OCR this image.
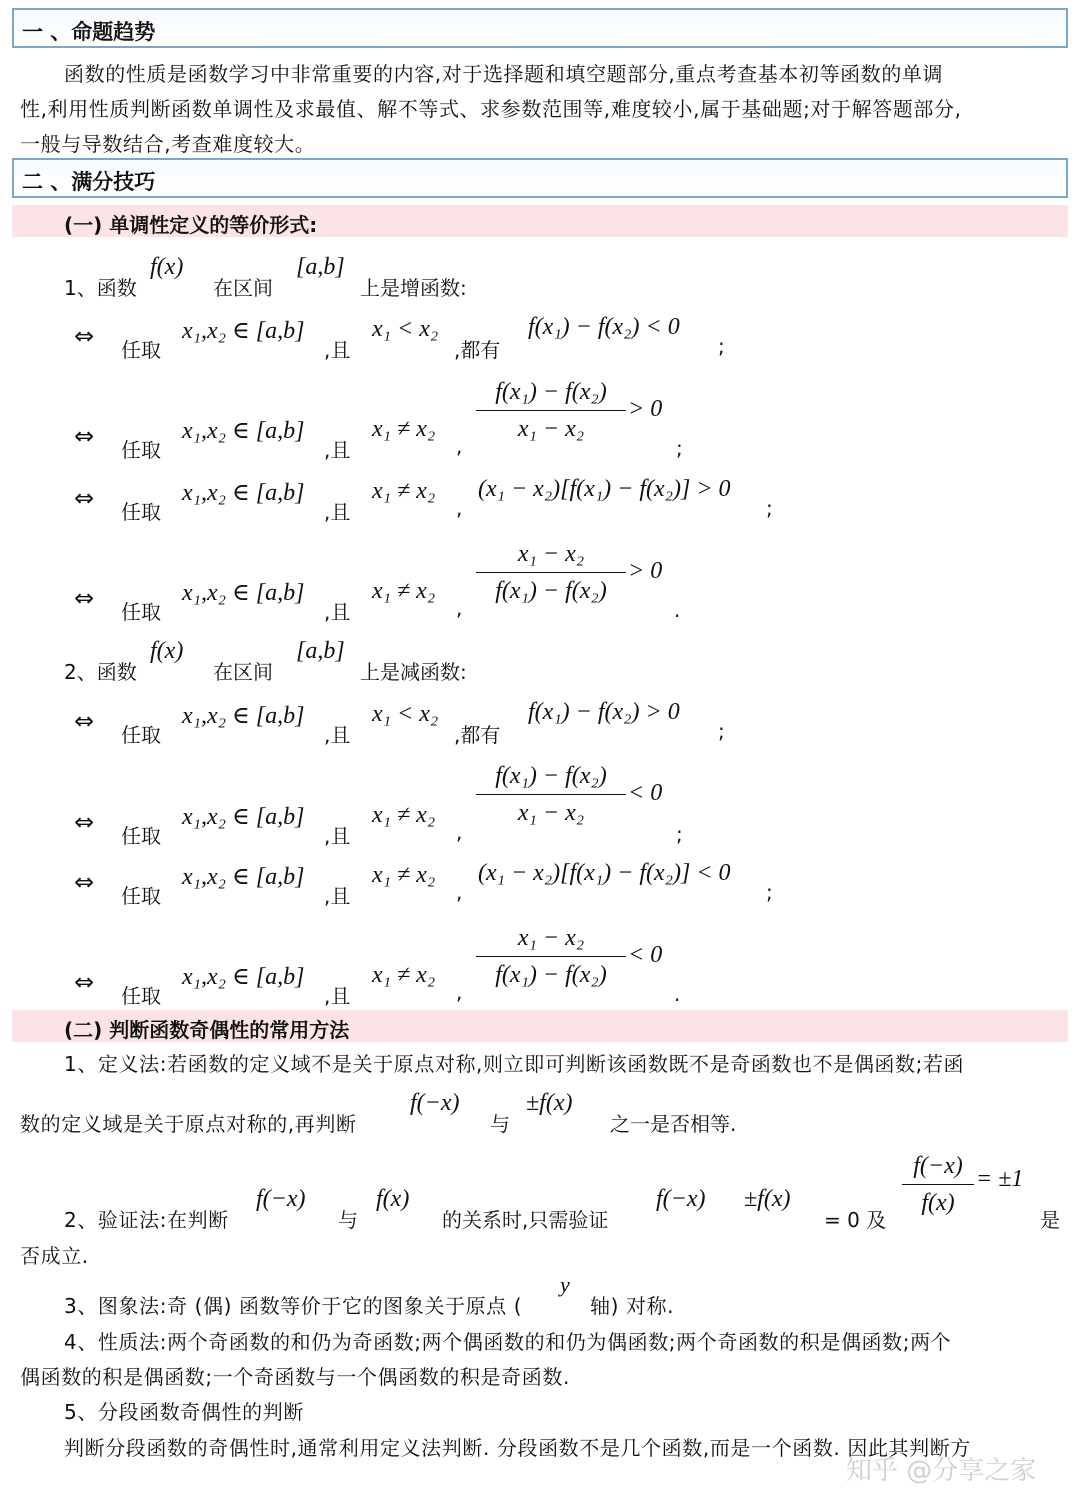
一 、命题趋势
函数的性质是函数学习中非常重要的内容,对于选择题和填空题部分,重点考查基本初等函数的单调
性,利用性质判断函数单调性及求最值、解不等式、求参数范围等,难度较小,属于基础题;对于解答题部分,
一般与导数结合,考查难度较大。
二 、满分技巧
(一) 单调性定义的等价形式:
1、函数
f(x)
在区间
[a,b]
上是增函数:
⇔ 任取
x₁,x₂ ∈ [a,b]
,且
x₁ < x₂
,都有
f(x₁) − f(x₂) < 0
;
⇔ 任取
x₁,x₂ ∈ [a,b]
,且
x₁ ≠ x₂
,
f(x₁) − f(x₂)
x₁ − x₂
> 0
;
⇔ 任取
x₁,x₂ ∈ [a,b]
,且
x₁ ≠ x₂
,
(x₁ − x₂)[f(x₁) − f(x₂)] > 0
;
⇔ 任取
x₁,x₂ ∈ [a,b]
,且
x₁ ≠ x₂
,
x₁ − x₂
f(x₁) − f(x₂)
> 0
.
2、函数
f(x)
在区间
[a,b]
上是减函数:
⇔ 任取
x₁,x₂ ∈ [a,b]
,且
x₁ < x₂
,都有
f(x₁) − f(x₂) > 0
;
⇔ 任取
x₁,x₂ ∈ [a,b]
,且
x₁ ≠ x₂
,
f(x₁) − f(x₂)
x₁ − x₂
< 0
;
⇔ 任取
x₁,x₂ ∈ [a,b]
,且
x₁ ≠ x₂
,
(x₁ − x₂)[f(x₁) − f(x₂)] < 0
;
⇔ 任取
x₁,x₂ ∈ [a,b]
,且
x₁ ≠ x₂
,
x₁ − x₂
f(x₁) − f(x₂)
< 0
.
(二) 判断函数奇偶性的常用方法
1、定义法:若函数的定义域不是关于原点对称,则立即可判断该函数既不是奇函数也不是偶函数;若函
数的定义域是关于原点对称的,再判断
f(−x)
与
±f(x)
之一是否相等.
2、验证法:在判断
f(−x)
与
f(x)
的关系时,只需验证
f(−x) ±f(x)
= 0 及
f(−x)
f(x)
= ±1
是
否成立.
3、图象法:奇 (偶) 函数等价于它的图象关于原点 (
y
轴) 对称.
4、性质法:两个奇函数的和仍为奇函数;两个偶函数的和仍为偶函数;两个奇函数的积是偶函数;两个
偶函数的积是偶函数;一个奇函数与一个偶函数的积是奇函数.
5、分段函数奇偶性的判断
判断分段函数的奇偶性时,通常利用定义法判断. 分段函数不是几个函数,而是一个函数. 因此其判断方
知乎 @分享之家
